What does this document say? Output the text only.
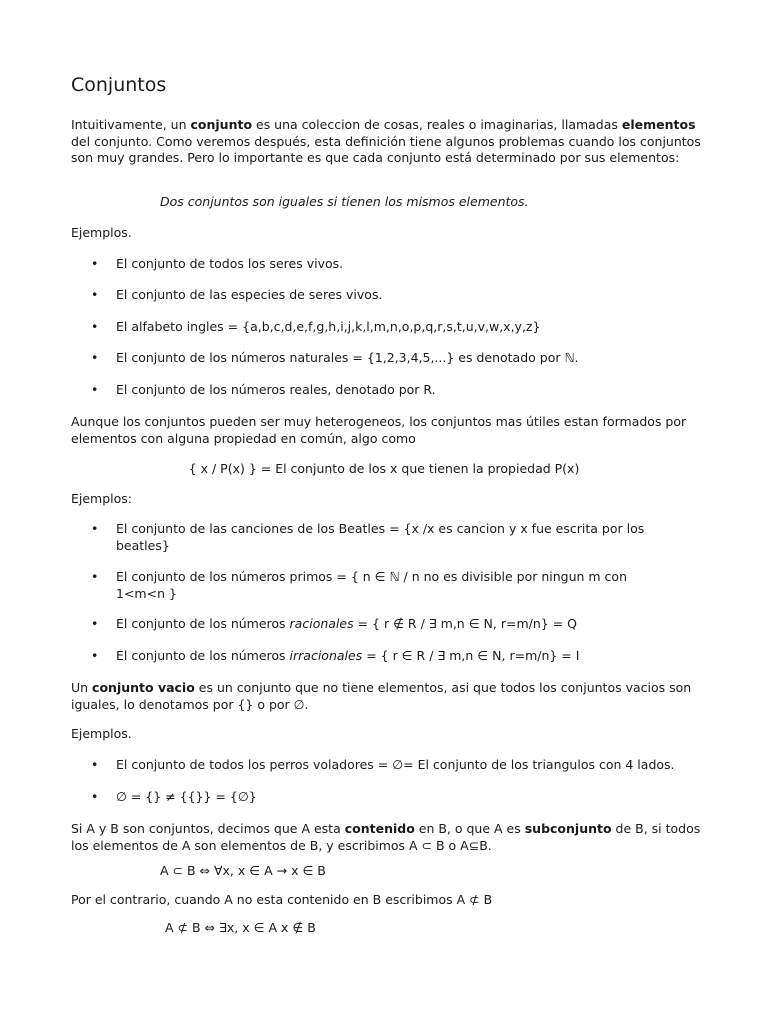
Conjuntos

Intuitivamente, un conjunto es una coleccion de cosas, reales o imaginarias, llamadas elementos del conjunto. Como veremos después, esta definición tiene algunos problemas cuando los conjuntos son muy grandes. Pero lo importante es que cada conjunto está determinado por sus elementos:

Dos conjuntos son iguales si tienen los mismos elementos.

Ejemplos.

• El conjunto de todos los seres vivos.
• El conjunto de las especies de seres vivos.
• El alfabeto ingles = {a,b,c,d,e,f,g,h,i,j,k,l,m,n,o,p,q,r,s,t,u,v,w,x,y,z}
• El conjunto de los números naturales = {1,2,3,4,5,...} es denotado por ℕ.
• El conjunto de los números reales, denotado por R.

Aunque los conjuntos pueden ser muy heterogeneos, los conjuntos mas útiles estan formados por elementos con alguna propiedad en común, algo como

{ x / P(x) } = El conjunto de los x que tienen la propiedad P(x)

Ejemplos:

• El conjunto de las canciones de los Beatles = {x /x es cancion y x fue escrita por los beatles}
• El conjunto de los números primos = { n ∈ ℕ / n no es divisible por ningun m con 1<m<n }
• El conjunto de los números racionales = { r ∉ R / ∃ m,n ∈ N, r=m/n} = Q
• El conjunto de los números irracionales = { r ∈ R / ∃ m,n ∈ N, r=m/n} = I

Un conjunto vacio es un conjunto que no tiene elementos, asi que todos los conjuntos vacios son iguales, lo denotamos por {} o por ∅.

Ejemplos.

• El conjunto de todos los perros voladores = ∅= El conjunto de los triangulos con 4 lados.
• ∅ = {} ≠ {{}} = {∅}

Si A y B son conjuntos, decimos que A esta contenido en B, o que A es subconjunto de B, si todos los elementos de A son elementos de B, y escribimos A ⊂ B o A⊆B.

A ⊂ B ⇔ ∀x, x ∈ A → x ∈ B

Por el contrario, cuando A no esta contenido en B escribimos A ⊄ B

A ⊄ B ⇔ ∃x, x ∈ A x ∉ B
